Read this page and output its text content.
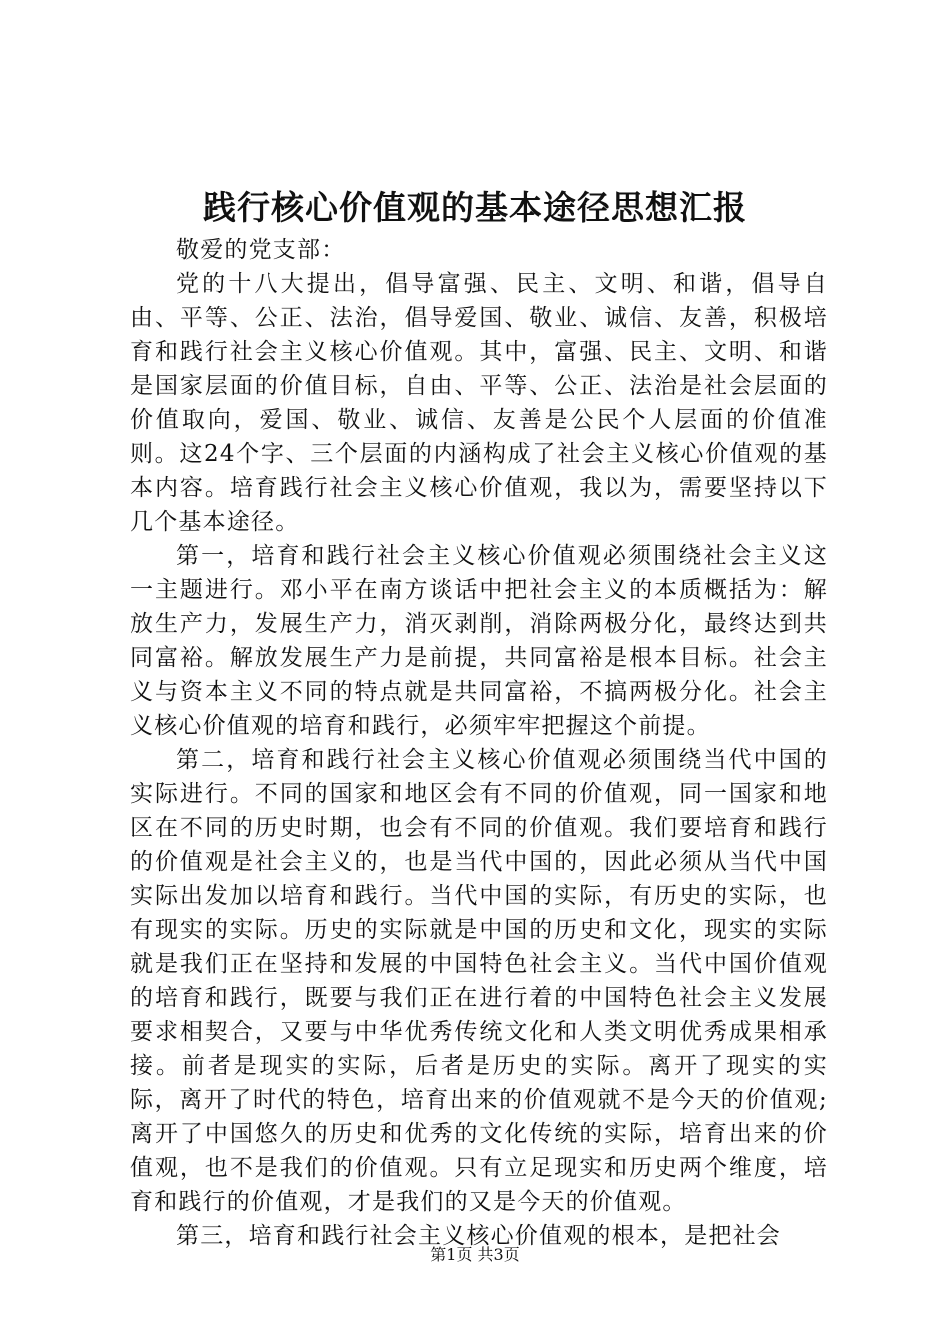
践行核心价值观的基本途径思想汇报

敬爱的党支部：

党的十八大提出，倡导富强、民主、文明、和谐，倡导自由、平等、公正、法治，倡导爱国、敬业、诚信、友善，积极培育和践行社会主义核心价值观。其中，富强、民主、文明、和谐是国家层面的价值目标，自由、平等、公正、法治是社会层面的价值取向，爱国、敬业、诚信、友善是公民个人层面的价值准则。这24个字、三个层面的内涵构成了社会主义核心价值观的基本内容。培育践行社会主义核心价值观，我以为，需要坚持以下几个基本途径。

第一，培育和践行社会主义核心价值观必须围绕社会主义这一主题进行。邓小平在南方谈话中把社会主义的本质概括为：解放生产力，发展生产力，消灭剥削，消除两极分化，最终达到共同富裕。解放发展生产力是前提，共同富裕是根本目标。社会主义与资本主义不同的特点就是共同富裕，不搞两极分化。社会主义核心价值观的培育和践行，必须牢牢把握这个前提。

第二，培育和践行社会主义核心价值观必须围绕当代中国的实际进行。不同的国家和地区会有不同的价值观，同一国家和地区在不同的历史时期，也会有不同的价值观。我们要培育和践行的价值观是社会主义的，也是当代中国的，因此必须从当代中国实际出发加以培育和践行。当代中国的实际，有历史的实际，也有现实的实际。历史的实际就是中国的历史和文化，现实的实际就是我们正在坚持和发展的中国特色社会主义。当代中国价值观的培育和践行，既要与我们正在进行着的中国特色社会主义发展要求相契合，又要与中华优秀传统文化和人类文明优秀成果相承接。前者是现实的实际，后者是历史的实际。离开了现实的实际，离开了时代的特色，培育出来的价值观就不是今天的价值观;离开了中国悠久的历史和优秀的文化传统的实际，培育出来的价值观，也不是我们的价值观。只有立足现实和历史两个维度，培育和践行的价值观，才是我们的又是今天的价值观。

第三，培育和践行社会主义核心价值观的根本，是把社会

第1页 共3页
